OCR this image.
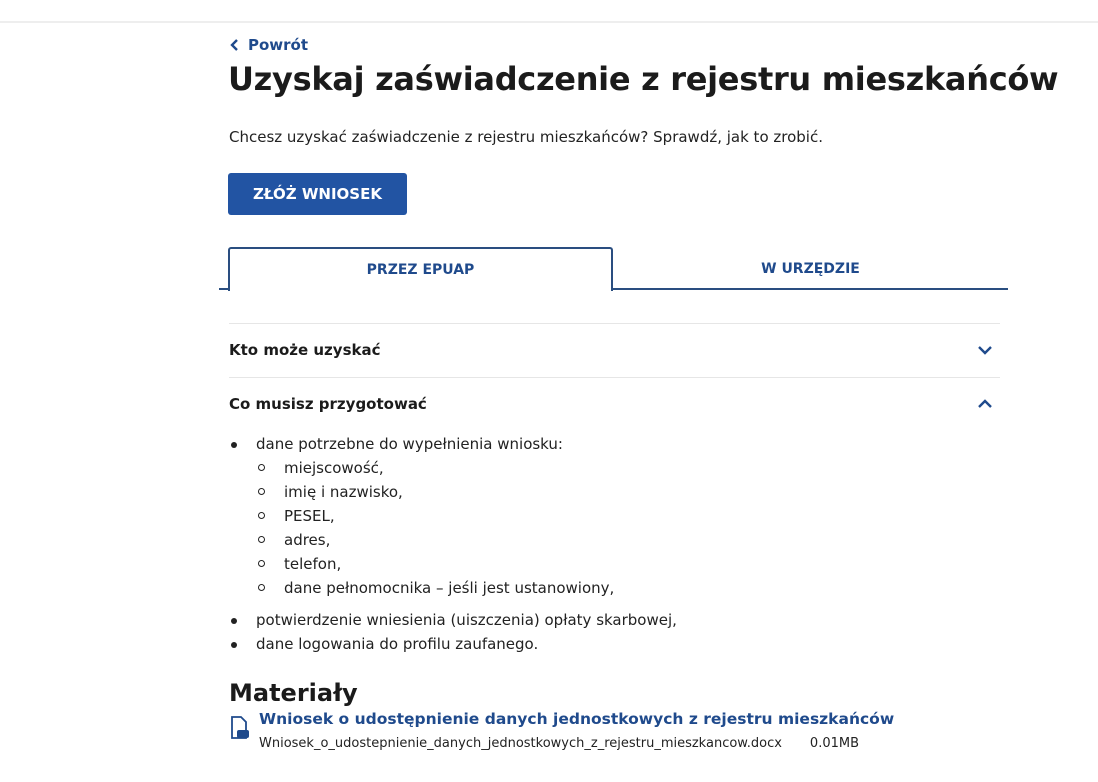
Powrót
Uzyskaj zaświadczenie z rejestru mieszkańców

Chcesz uzyskać zaświadczenie z rejestru mieszkańców? Sprawdź, jak to zrobić.

ZŁÓŻ WNIOSEK
PRZEZ EPUAP	W URZĘDZIE
Kto może uzyskać
Co musisz przygotować
dane potrzebne do wypełnienia wniosku:
miejscowość,
imię i nazwisko,
PESEL,
adres,
telefon,
dane pełnomocnika – jeśli jest ustanowiony,
potwierdzenie wniesienia (uiszczenia) opłaty skarbowej,
dane logowania do profilu zaufanego.
Materiały
Wniosek o udostępnienie danych jednostkowych z rejestru mieszkańców
Wniosek_o_udostepnienie_danych_jednostkowych_z_rejestru_mieszkancow.docx 0.01MB
